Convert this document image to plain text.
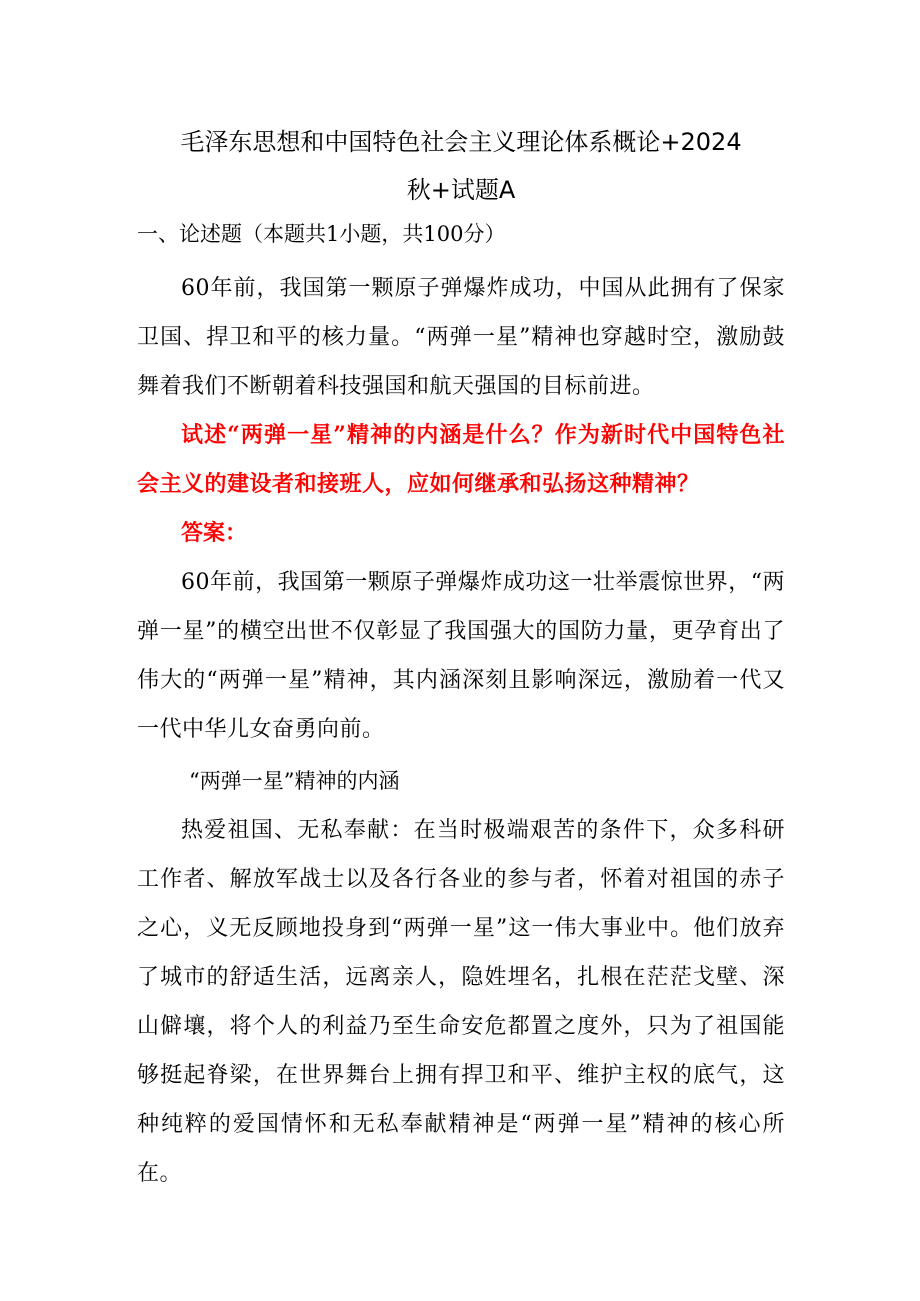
毛泽东思想和中国特色社会主义理论体系概论+2024
秋+试题A

一、论述题（本题共1小题，共100分）

60年前，我国第一颗原子弹爆炸成功，中国从此拥有了保家卫国、捍卫和平的核力量。“两弹一星”精神也穿越时空，激励鼓舞着我们不断朝着科技强国和航天强国的目标前进。

试述“两弹一星”精神的内涵是什么？作为新时代中国特色社会主义的建设者和接班人，应如何继承和弘扬这种精神？

答案：

60年前，我国第一颗原子弹爆炸成功这一壮举震惊世界，“两弹一星”的横空出世不仅彰显了我国强大的国防力量，更孕育出了伟大的“两弹一星”精神，其内涵深刻且影响深远，激励着一代又一代中华儿女奋勇向前。

“两弹一星”精神的内涵

热爱祖国、无私奉献：在当时极端艰苦的条件下，众多科研工作者、解放军战士以及各行各业的参与者，怀着对祖国的赤子之心，义无反顾地投身到“两弹一星”这一伟大事业中。他们放弃了城市的舒适生活，远离亲人，隐姓埋名，扎根在茫茫戈壁、深山僻壤，将个人的利益乃至生命安危都置之度外，只为了祖国能够挺起脊梁，在世界舞台上拥有捍卫和平、维护主权的底气，这种纯粹的爱国情怀和无私奉献精神是“两弹一星”精神的核心所在。
